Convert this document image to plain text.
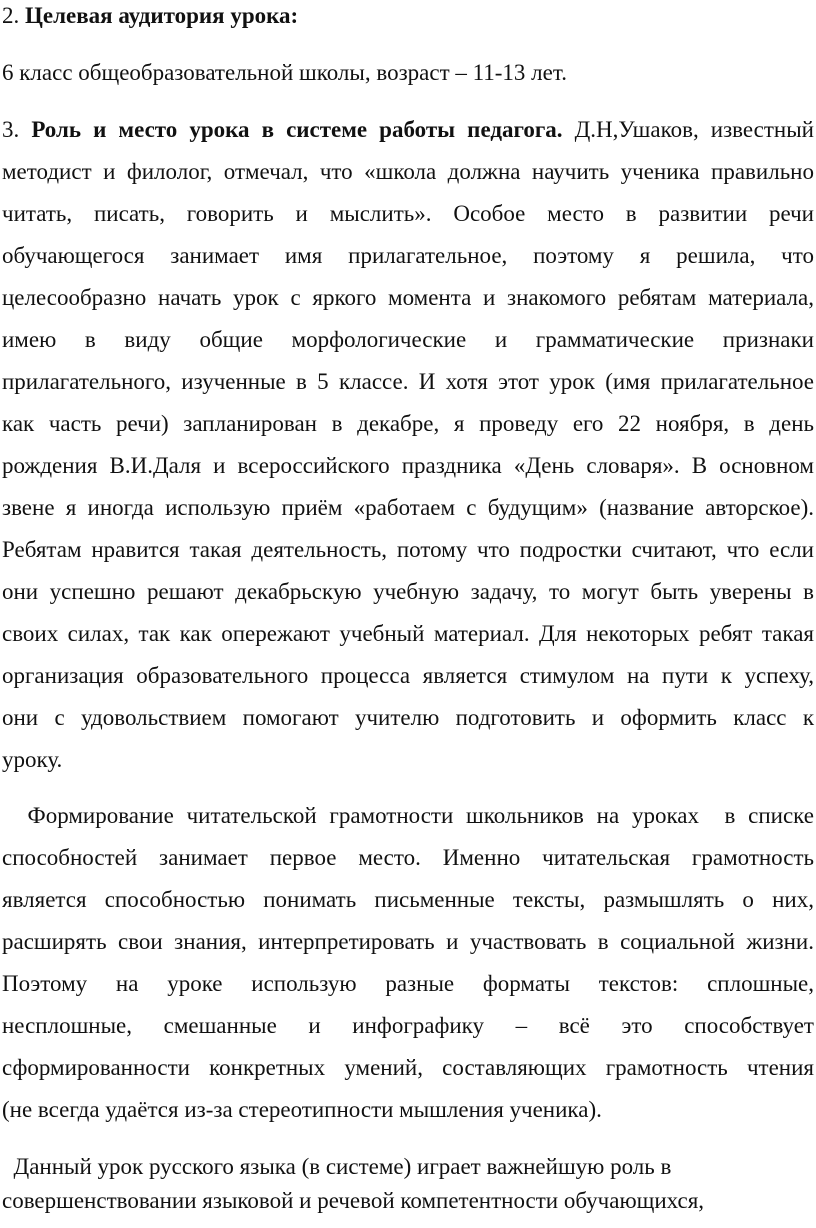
2. Целевая аудитория урока:
6 класс общеобразовательной школы, возраст – 11-13 лет.
3. Роль и место урока в системе работы педагога. Д.Н,Ушаков, известный
методист и филолог, отмечал, что «школа должна научить ученика правильно
читать, писать, говорить и мыслить». Особое место в развитии речи
обучающегося занимает имя прилагательное, поэтому я решила, что
целесообразно начать урок с яркого момента и знакомого ребятам материала,
имею в виду общие морфологические и грамматические признаки
прилагательного, изученные в 5 классе. И хотя этот урок (имя прилагательное
как часть речи) запланирован в декабре, я проведу его 22 ноября, в день
рождения В.И.Даля и всероссийского праздника «День словаря». В основном
звене я иногда использую приём «работаем с будущим» (название авторское).
Ребятам нравится такая деятельность, потому что подростки считают, что если
они успешно решают декабрьскую учебную задачу, то могут быть уверены в
своих силах, так как опережают учебный материал. Для некоторых ребят такая
организация образовательного процесса является стимулом на пути к успеху,
они с удовольствием помогают учителю подготовить и оформить класс к
уроку.
Формирование читательской грамотности школьников на уроках  в списке
способностей занимает первое место. Именно читательская грамотность
является способностью понимать письменные тексты, размышлять о них,
расширять свои знания, интерпретировать и участвовать в социальной жизни.
Поэтому на уроке использую разные форматы текстов: сплошные,
несплошные, смешанные и инфографику – всё это способствует
сформированности конкретных умений, составляющих грамотность чтения
(не всегда удаётся из-за стереотипности мышления ученика).
Данный урок русского языка (в системе) играет важнейшую роль в
совершенствовании языковой и речевой компетентности обучающихся,
